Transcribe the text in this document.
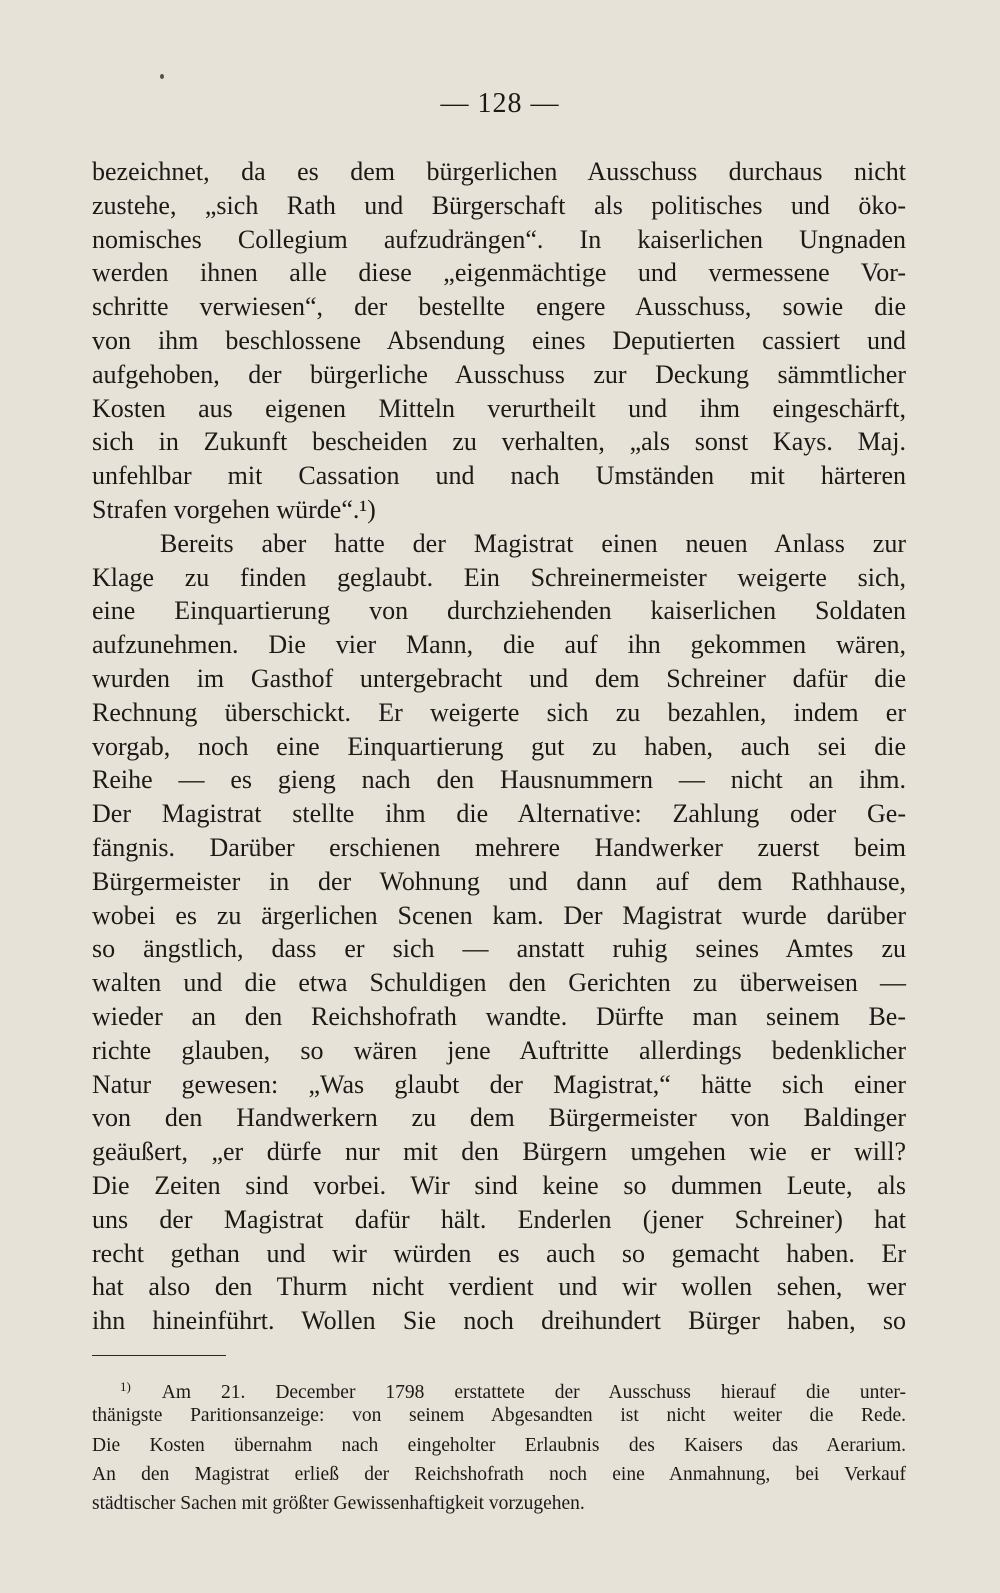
— 128 —
bezeichnet, da es dem bürgerlichen Ausschuss durchaus nicht
zustehe, „sich Rath und Bürgerschaft als politisches und öko-
nomisches Collegium aufzudrängen“. In kaiserlichen Ungnaden
werden ihnen alle diese „eigenmächtige und vermessene Vor-
schritte verwiesen“, der bestellte engere Ausschuss, sowie die
von ihm beschlossene Absendung eines Deputierten cassiert und
aufgehoben, der bürgerliche Ausschuss zur Deckung sämmtlicher
Kosten aus eigenen Mitteln verurtheilt und ihm eingeschärft,
sich in Zukunft bescheiden zu verhalten, „als sonst Kays. Maj.
unfehlbar mit Cassation und nach Umständen mit härteren
Strafen vorgehen würde“.¹)
Bereits aber hatte der Magistrat einen neuen Anlass zur
Klage zu finden geglaubt. Ein Schreinermeister weigerte sich,
eine Einquartierung von durchziehenden kaiserlichen Soldaten
aufzunehmen. Die vier Mann, die auf ihn gekommen wären,
wurden im Gasthof untergebracht und dem Schreiner dafür die
Rechnung überschickt. Er weigerte sich zu bezahlen, indem er
vorgab, noch eine Einquartierung gut zu haben, auch sei die
Reihe — es gieng nach den Hausnummern — nicht an ihm.
Der Magistrat stellte ihm die Alternative: Zahlung oder Ge-
fängnis. Darüber erschienen mehrere Handwerker zuerst beim
Bürgermeister in der Wohnung und dann auf dem Rathhause,
wobei es zu ärgerlichen Scenen kam. Der Magistrat wurde darüber
so ängstlich, dass er sich — anstatt ruhig seines Amtes zu
walten und die etwa Schuldigen den Gerichten zu überweisen —
wieder an den Reichshofrath wandte. Dürfte man seinem Be-
richte glauben, so wären jene Auftritte allerdings bedenklicher
Natur gewesen: „Was glaubt der Magistrat,“ hätte sich einer
von den Handwerkern zu dem Bürgermeister von Baldinger
geäußert, „er dürfe nur mit den Bürgern umgehen wie er will?
Die Zeiten sind vorbei. Wir sind keine so dummen Leute, als
uns der Magistrat dafür hält. Enderlen (jener Schreiner) hat
recht gethan und wir würden es auch so gemacht haben. Er
hat also den Thurm nicht verdient und wir wollen sehen, wer
ihn hineinführt. Wollen Sie noch dreihundert Bürger haben, so
$^{1)}$ Am 21. December 1798 erstattete der Ausschuss hierauf die unter-
thänigste Paritionsanzeige: von seinem Abgesandten ist nicht weiter die Rede.
Die Kosten übernahm nach eingeholter Erlaubnis des Kaisers das Aerarium.
An den Magistrat erließ der Reichshofrath noch eine Anmahnung, bei Verkauf
städtischer Sachen mit größter Gewissenhaftigkeit vorzugehen.
